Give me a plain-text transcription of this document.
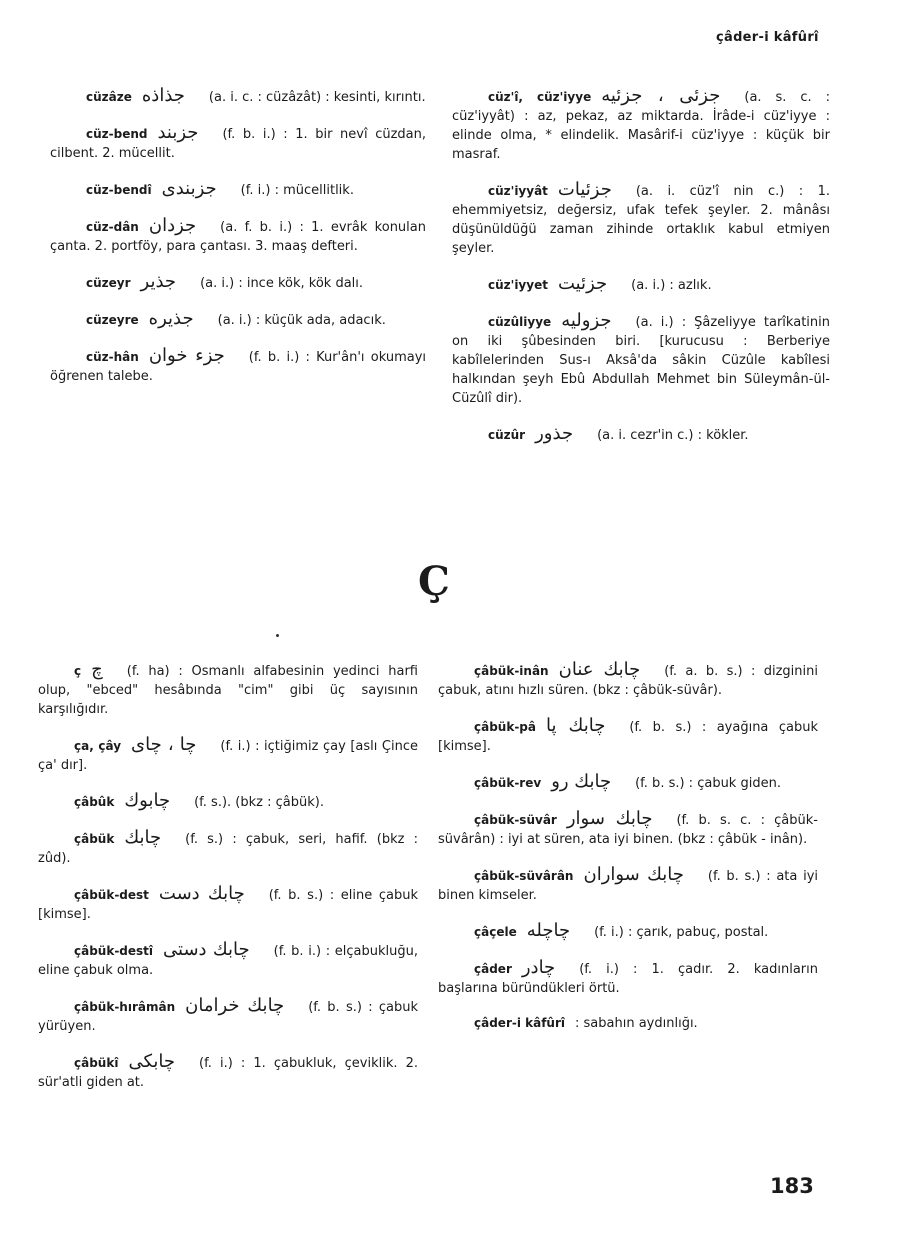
çâder-i kâfûrî
cüzâze جذاذه (a. i. c. : cüzâzât) : kesinti, kırıntı.
cüz-bend جزبند (f. b. i.) : 1. bir nevî cüzdan, cilbent. 2. mücellit.
cüz-bendî جزبندى (f. i.) : mücellitlik.
cüz-dân جزدان (a. f. b. i.) : 1. evrâk konulan çanta. 2. portföy, para çantası. 3. maaş defteri.
cüzeyr جذير (a. i.) : ince kök, kök dalı.
cüzeyre جذيره (a. i.) : küçük ada, adacık.
cüz-hân جزء خوان (f. b. i.) : Kur'ân'ı okumayı öğrenen talebe.
cüz'î, cüz'iyye جزئى ، جزئيه (a. s. c. : cüz'iyyât) : az, pekaz, az miktarda. İrâde-i cüz'iyye : elinde olma, * elindelik. Masârif-i cüz'iyye : küçük bir masraf.
cüz'iyyât جزئيات (a. i. cüz'î nin c.) : 1. ehemmiyetsiz, değersiz, ufak tefek şeyler. 2. mânâsı düşünüldüğü zaman zihinde ortaklık kabul etmiyen şeyler.
cüz'iyyet جزئيت (a. i.) : azlık.
cüzûliyye جزوليه (a. i.) : Şâzeliyye tarîkatinin on iki şûbesinden biri. [kurucusu : Berberiye kabîlelerinden Sus-ı Aksâ'da sâkin Cüzûle kabîlesi halkından şeyh Ebû Abdullah Mehmet bin Süleymân-ül-Cüzûlî dir).
cüzûr جذور (a. i. cezr'in c.) : kökler.
Ç
ç چ (f. ha) : Osmanlı alfabesinin yedinci harfi olup, "ebced" hesâbında "cim" gibi üç sayısının karşılığıdır.
ça, çây چا ، چاى (f. i.) : içtiğimiz çay [aslı Çince ça' dır].
çâbûk چابوك (f. s.). (bkz : çâbük).
çâbük چابك (f. s.) : çabuk, seri, hafif. (bkz : zûd).
çâbük-dest چابك دست (f. b. s.) : eline çabuk [kimse].
çâbük-destî چابك دستى (f. b. i.) : elçabukluğu, eline çabuk olma.
çâbük-hırâmân چابك خرامان (f. b. s.) : çabuk yürüyen.
çâbükî چابكى (f. i.) : 1. çabukluk, çeviklik. 2. sür'atli giden at.
çâbük-inân چابك عنان (f. a. b. s.) : dizginini çabuk, atını hızlı süren. (bkz : çâbük-süvâr).
çâbük-pâ چابك پا (f. b. s.) : ayağına çabuk [kimse].
çâbük-rev چابك رو (f. b. s.) : çabuk giden.
çâbük-süvâr چابك سوار (f. b. s. c. : çâbük-süvârân) : iyi at süren, ata iyi binen. (bkz : çâbük - inân).
çâbük-süvârân چابك سواران (f. b. s.) : ata iyi binen kimseler.
çâçele چاچله (f. i.) : çarık, pabuç, postal.
çâder چادر (f. i.) : 1. çadır. 2. kadınların başlarına büründükleri örtü.
çâder-i kâfûrî : sabahın aydınlığı.
183
